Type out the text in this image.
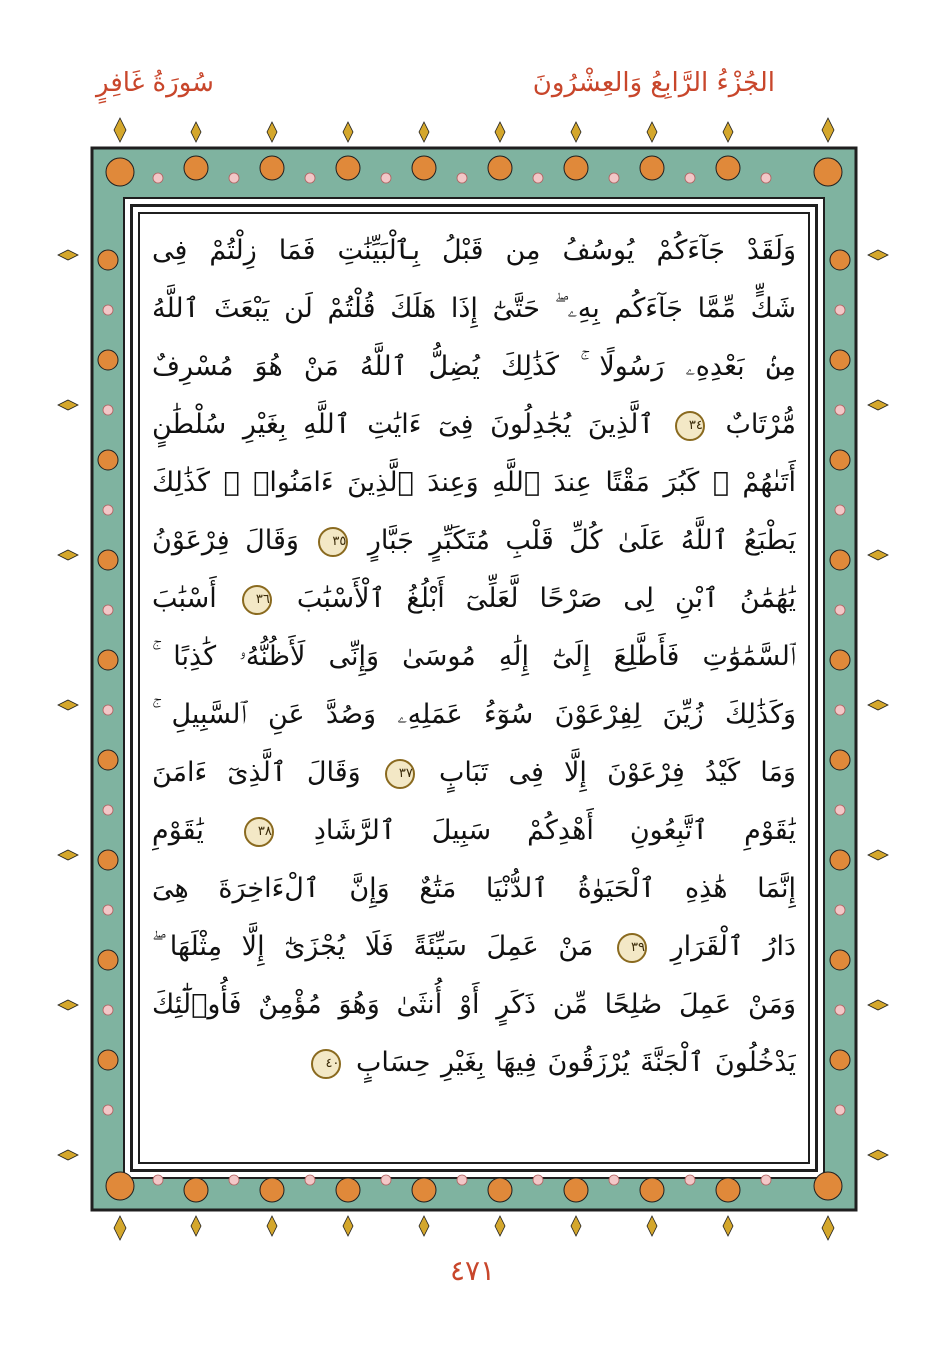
سُورَةُ غَافِرٍ	الجُزْءُ الرَّابِعُ وَالعِشْرُونَ
وَلَقَدْ جَآءَكُمْ يُوسُفُ مِن قَبْلُ بِٱلْبَيِّنَٰتِ فَمَا زِلْتُمْ فِى
شَكٍّ مِّمَّا جَآءَكُم بِهِۦ ۖ حَتَّىٰٓ إِذَا هَلَكَ قُلْتُمْ لَن يَبْعَثَ ٱللَّهُ
مِنۢ بَعْدِهِۦ رَسُولًا ۚ كَذَٰلِكَ يُضِلُّ ٱللَّهُ مَنْ هُوَ مُسْرِفٌ
مُّرْتَابٌ ٣٤ ٱلَّذِينَ يُجَٰدِلُونَ فِىٓ ءَايَٰتِ ٱللَّهِ بِغَيْرِ سُلْطَٰنٍ
أَتَىٰهُمْ ۖ كَبُرَ مَقْتًا عِندَ ٱللَّهِ وَعِندَ ٱلَّذِينَ ءَامَنُوا۟ ۚ كَذَٰلِكَ
يَطْبَعُ ٱللَّهُ عَلَىٰ كُلِّ قَلْبِ مُتَكَبِّرٍ جَبَّارٍ ٣٥ وَقَالَ فِرْعَوْنُ
يَٰهَٰمَٰنُ ٱبْنِ لِى صَرْحًا لَّعَلِّىٓ أَبْلُغُ ٱلْأَسْبَٰبَ ٣٦ أَسْبَٰبَ
ٱلسَّمَٰوَٰتِ فَأَطَّلِعَ إِلَىٰٓ إِلَٰهِ مُوسَىٰ وَإِنِّى لَأَظُنُّهُۥ كَٰذِبًا ۚ
وَكَذَٰلِكَ زُيِّنَ لِفِرْعَوْنَ سُوٓءُ عَمَلِهِۦ وَصُدَّ عَنِ ٱلسَّبِيلِ ۚ
وَمَا كَيْدُ فِرْعَوْنَ إِلَّا فِى تَبَابٍ ٣٧ وَقَالَ ٱلَّذِىٓ ءَامَنَ
يَٰقَوْمِ ٱتَّبِعُونِ أَهْدِكُمْ سَبِيلَ ٱلرَّشَادِ ٣٨ يَٰقَوْمِ
إِنَّمَا هَٰذِهِ ٱلْحَيَوٰةُ ٱلدُّنْيَا مَتَٰعٌ وَإِنَّ ٱلْءَاخِرَةَ هِىَ
دَارُ ٱلْقَرَارِ ٣٩ مَنْ عَمِلَ سَيِّئَةً فَلَا يُجْزَىٰٓ إِلَّا مِثْلَهَا ۖ
وَمَنْ عَمِلَ صَٰلِحًا مِّن ذَكَرٍ أَوْ أُنثَىٰ وَهُوَ مُؤْمِنٌ فَأُو۟لَٰٓئِكَ
يَدْخُلُونَ ٱلْجَنَّةَ يُرْزَقُونَ فِيهَا بِغَيْرِ حِسَابٍ ٤٠
٤٧١
